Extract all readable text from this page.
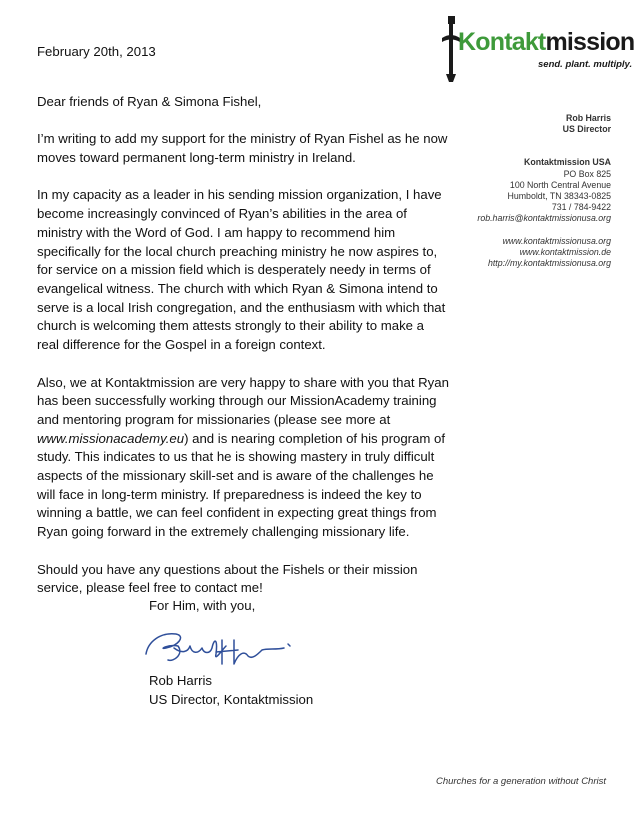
February 20th, 2013	Kontaktmission
send. plant. multiply.

Dear friends of Ryan & Simona Fishel,

I’m writing to add my support for the ministry of Ryan Fishel as he now
moves toward permanent long-term ministry in Ireland.

In my capacity as a leader in his sending mission organization, I have
become increasingly convinced of Ryan’s abilities in the area of
ministry with the Word of God. I am happy to recommend him
specifically for the local church preaching ministry he now aspires to,
for service on a mission field which is desperately needy in terms of
evangelical witness. The church with which Ryan & Simona intend to
serve is a local Irish congregation, and the enthusiasm with which that
church is welcoming them attests strongly to their ability to make a
real difference for the Gospel in a foreign context.

Also, we at Kontaktmission are very happy to share with you that Ryan
has been successfully working through our MissionAcademy training
and mentoring program for missionaries (please see more at
www.missionacademy.eu) and is nearing completion of his program of
study. This indicates to us that he is showing mastery in truly difficult
aspects of the missionary skill-set and is aware of the challenges he
will face in long-term ministry. If preparedness is indeed the key to
winning a battle, we can feel confident in expecting great things from
Ryan going forward in the extremely challenging missionary life.

Should you have any questions about the Fishels or their mission
service, please feel free to contact me!

Rob Harris
US Director
Kontaktmission USA
PO Box 825
100 North Central Avenue
Humboldt, TN 38343-0825
731 / 784-9422
rob.harris@kontaktmissionusa.org
www.kontaktmissionusa.org
www.kontaktmission.de
http://my.kontaktmissionusa.org
For Him, with you,
Rob Harris
US Director, Kontaktmission
Churches for a generation without Christ
